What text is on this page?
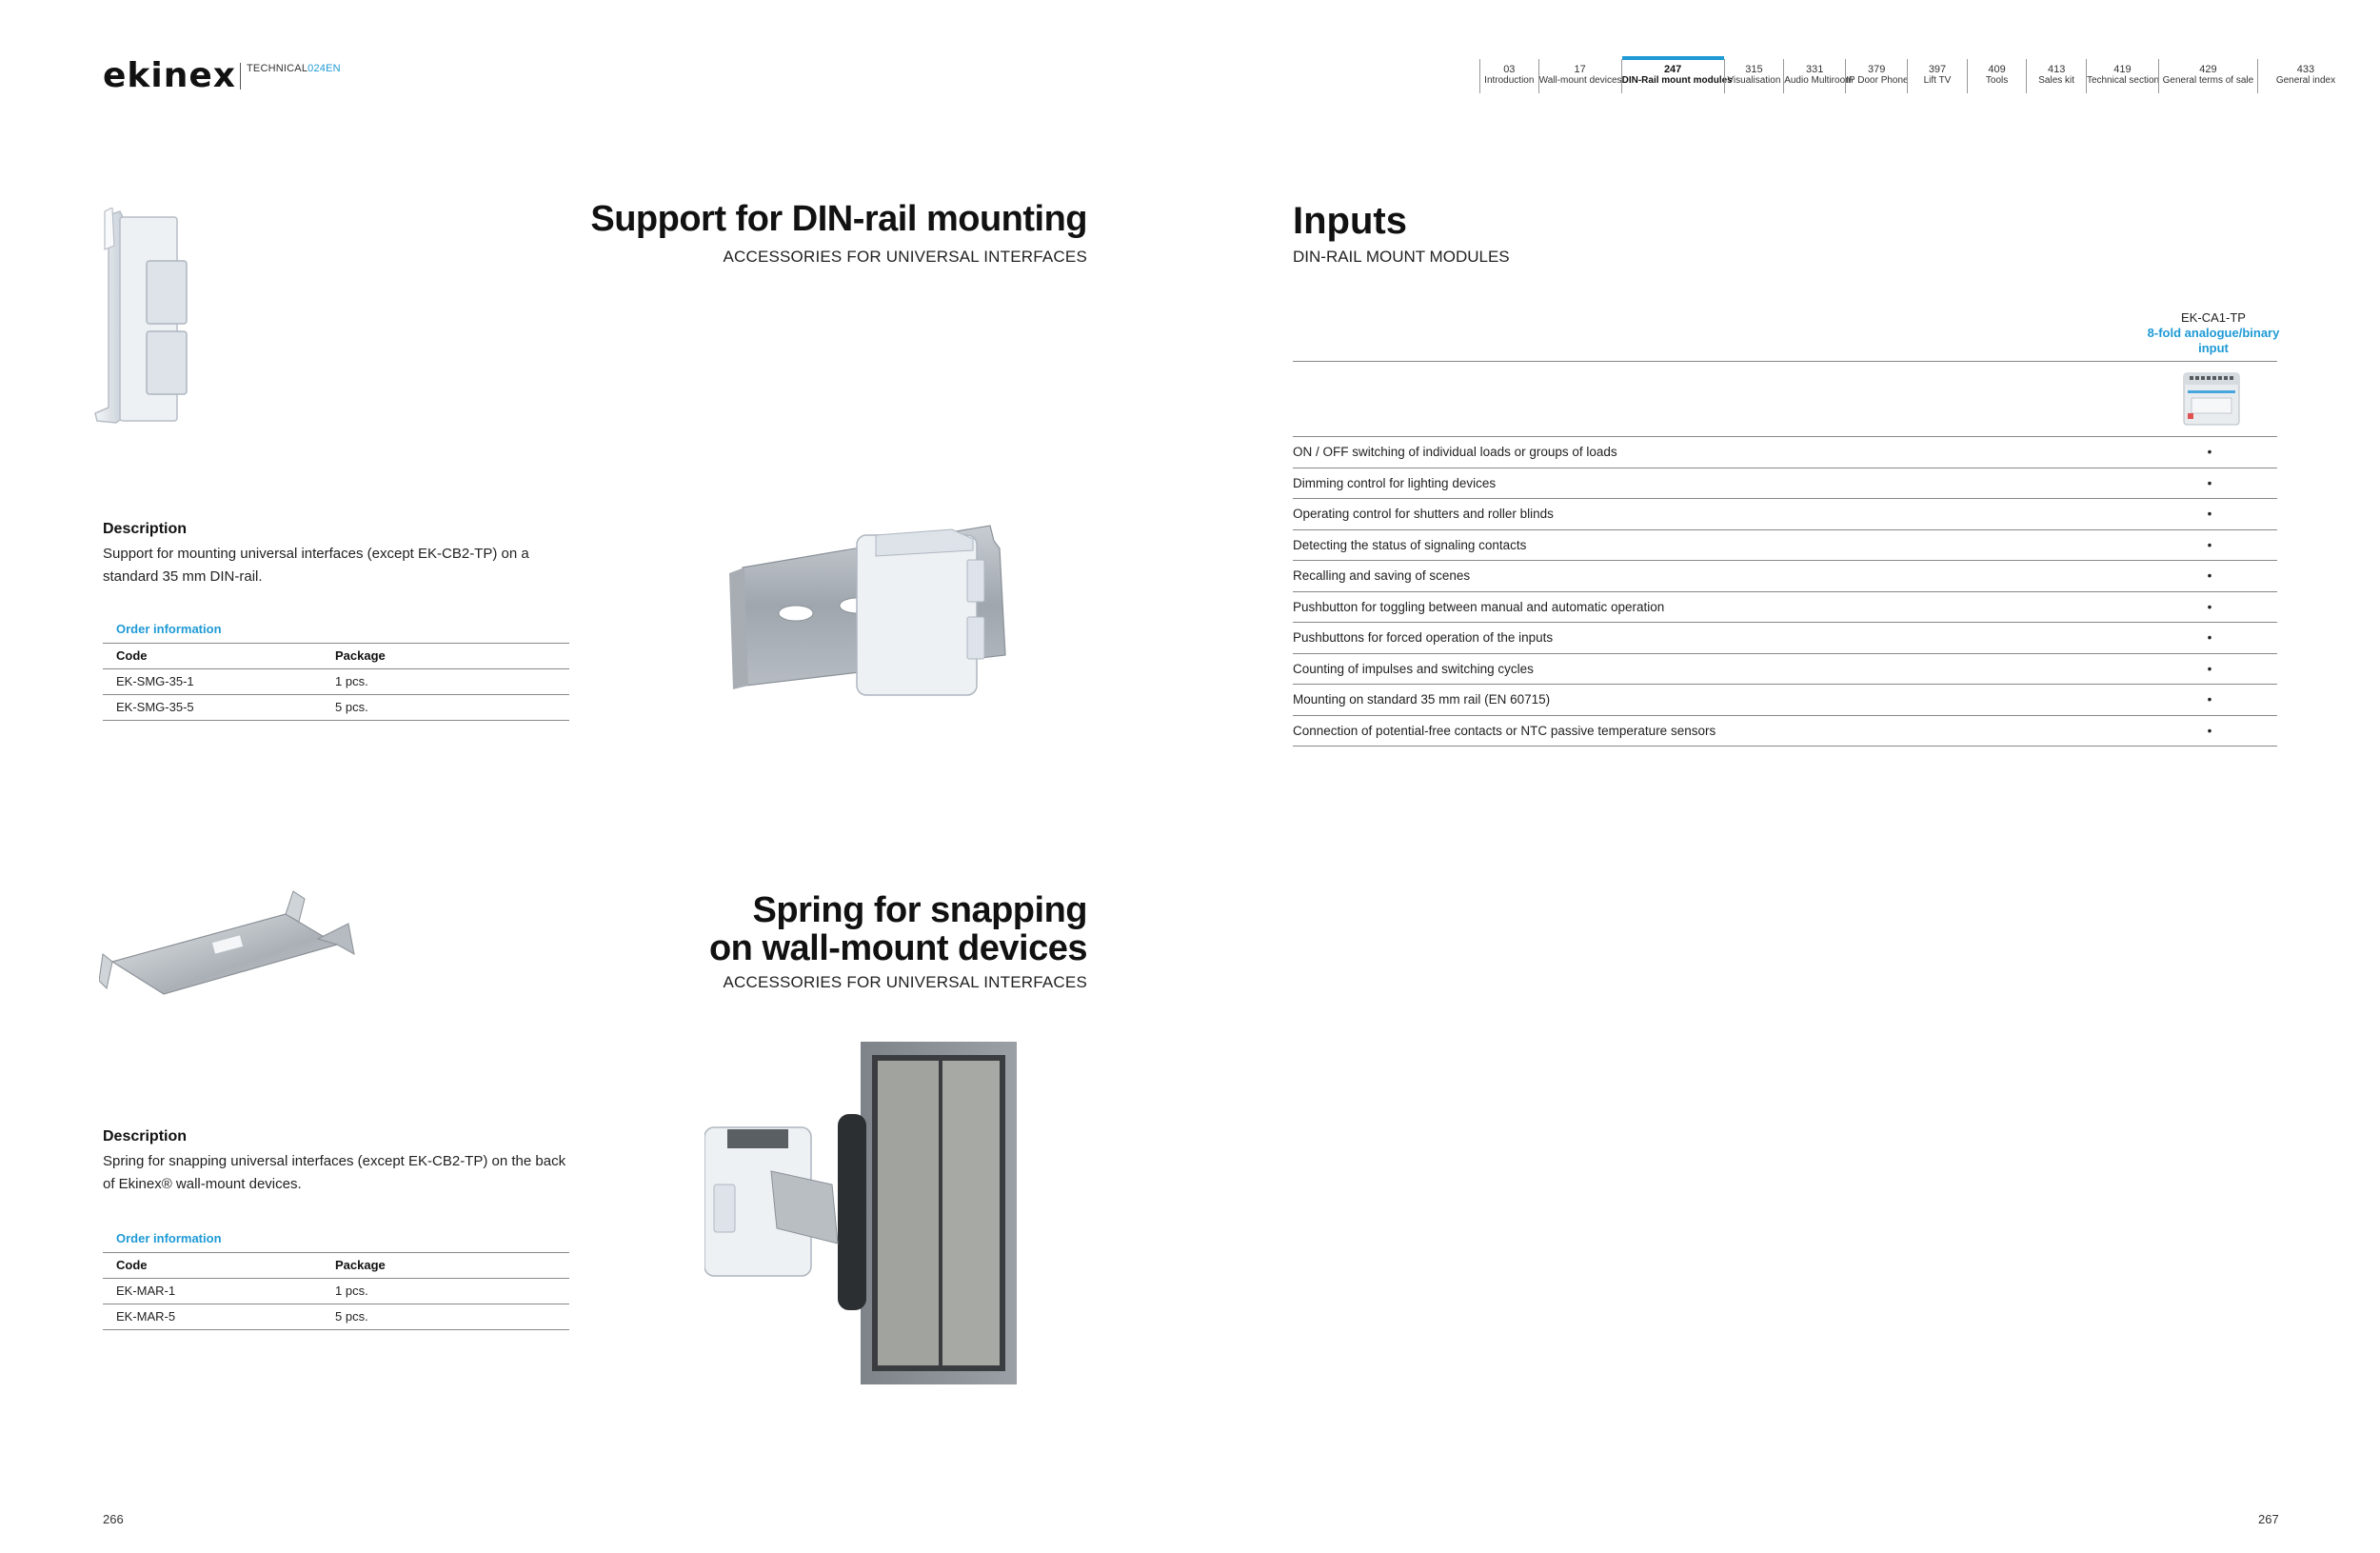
ekinex TECHNICAL024EN	03
Introduction
17
Wall-mount devices
247
DIN-Rail mount modules
315
Visualisation
331
Audio Multiroom
379
IP Door Phone
397
Lift TV
409
Tools
413
Sales kit
419
Technical section
429
General terms of sale
433
General index
Support for DIN-rail mounting
ACCESSORIES FOR UNIVERSAL INTERFACES
Description
Support for mounting universal interfaces (except EK-CB2-TP) on a standard 35 mm DIN-rail.
Order information
Code	Package
EK-SMG-35-1	1 pcs.
EK-SMG-35-5	5 pcs.
Spring for snapping
on wall-mount devices
ACCESSORIES FOR UNIVERSAL INTERFACES
Description
Spring for snapping universal interfaces (except EK-CB2-TP) on the back of Ekinex® wall-mount devices.
Order information
Code	Package
EK-MAR-1	1 pcs.
EK-MAR-5	5 pcs.
266
Inputs
DIN-RAIL MOUNT MODULES
EK-CA1-TP
8-fold analogue/binary
input
ON / OFF switching of individual loads or groups of loads	•
Dimming control for lighting devices	•
Operating control for shutters and roller blinds	•
Detecting the status of signaling contacts	•
Recalling and saving of scenes	•
Pushbutton for toggling between manual and automatic operation	•
Pushbuttons for forced operation of the inputs	•
Counting of impulses and switching cycles	•
Mounting on standard 35 mm rail (EN 60715)	•
Connection of potential-free contacts or NTC passive temperature sensors	•
267
